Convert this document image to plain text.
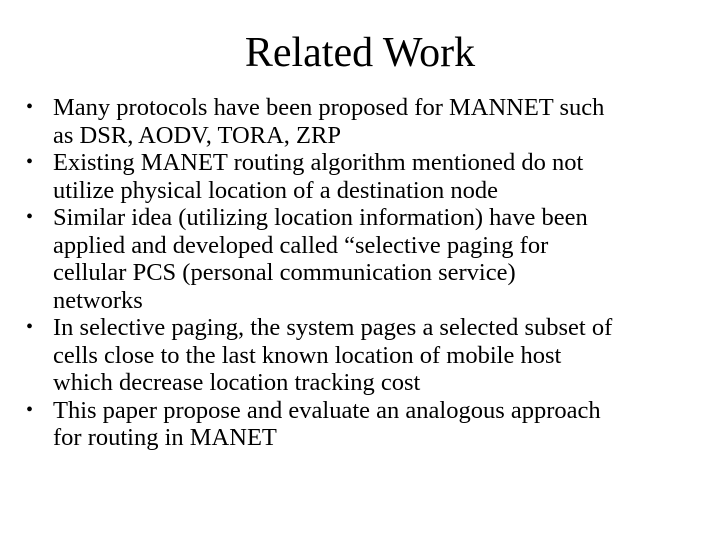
Related Work
• Many protocols have been proposed for MANNET such
as DSR, AODV, TORA, ZRP
• Existing MANET routing algorithm mentioned do not
utilize physical location of a destination node
• Similar idea (utilizing location information) have been
applied and developed called “selective paging for
cellular PCS (personal communication service)
networks
• In selective paging, the system pages a selected subset of
cells close to the last known location of mobile host
which decrease location tracking cost
• This paper propose and evaluate an analogous approach
for routing in MANET
